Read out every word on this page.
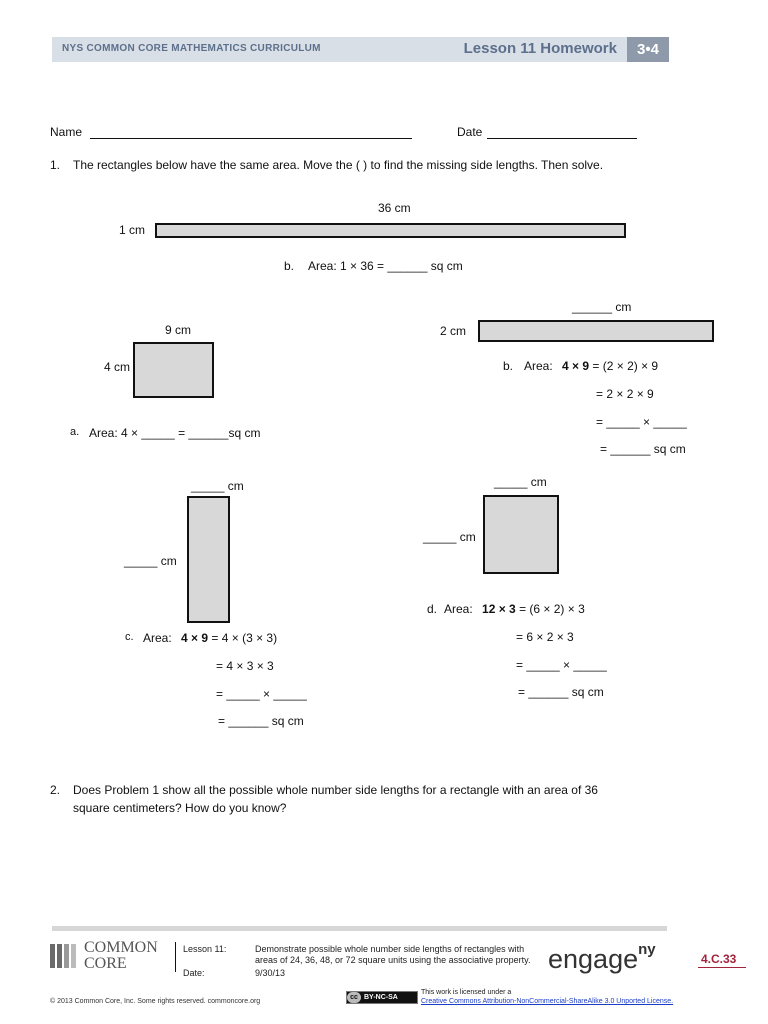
NYS COMMON CORE MATHEMATICS CURRICULUM	Lesson 11 Homework	3•4
Name	Date
1. The rectangles below have the same area. Move the ( ) to find the missing side lengths. Then solve.
36 cm
1 cm
b. Area: 1 × 36 = ______ sq cm
9 cm
4 cm
a. Area: 4 × _____ = ______sq cm
______ cm
2 cm
b. Area: 4 × 9 = (2 × 2) × 9
= 2 × 2 × 9
= _____ × _____
= ______ sq cm
_____ cm
_____ cm
c. Area: 4 × 9 = 4 × (3 × 3)
= 4 × 3 × 3
= _____ × _____
= ______ sq cm
_____ cm
_____ cm
d. Area: 12 × 3 = (6 × 2) × 3
= 6 × 2 × 3
= _____ × _____
= ______ sq cm
2. Does Problem 1 show all the possible whole number side lengths for a rectangle with an area of 36
square centimeters? How do you know?
COMMON
CORE
Lesson 11:
Date:
Demonstrate possible whole number side lengths of rectangles with
areas of 24, 36, 48, or 72 square units using the associative property.
9/30/13	engage$^{ny}$
4.C.33
© 2013 Common Core, Inc. Some rights reserved. commoncore.org
cc BY-NC-SA
This work is licensed under a
Creative Commons Attribution-NonCommercial-ShareAlike 3.0 Unported License.
